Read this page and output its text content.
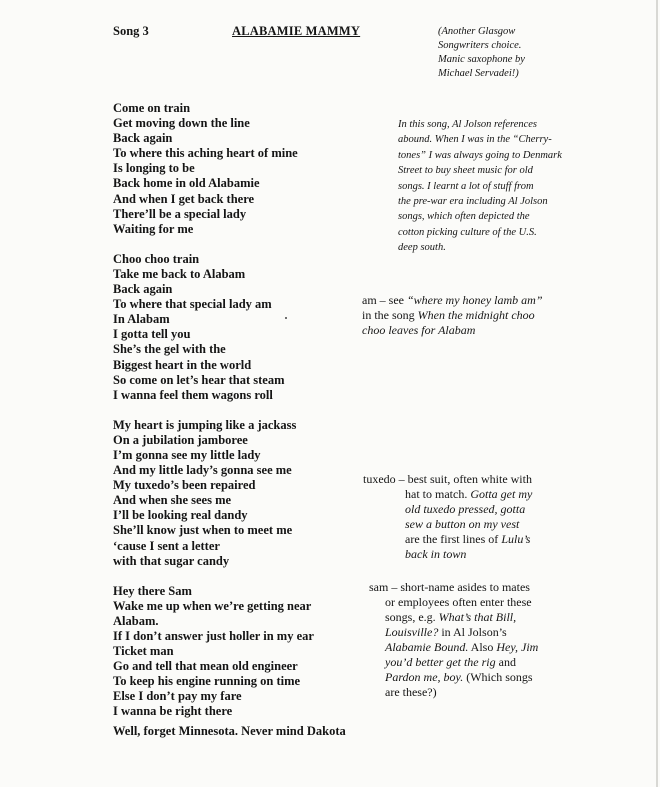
Song 3	ALABAMIE MAMMY	(Another Glasgow
Songwriters choice.
Manic saxophone by
Michael Servadei!)
Come on train
Get moving down the line
Back again
To where this aching heart of mine
Is longing to be
Back home in old Alabamie
And when I get back there
There’ll be a special lady
Waiting for me
Choo choo train
Take me back to Alabam
Back again
To where that special lady am
In Alabam
I gotta tell you
She’s the gel with the
Biggest heart in the world
So come on let’s hear that steam
I wanna feel them wagons roll
My heart is jumping like a jackass
On a jubilation jamboree
I’m gonna see my little lady
And my little lady’s gonna see me
My tuxedo’s been repaired
And when she sees me
I’ll be looking real dandy
She’ll know just when to meet me
‘cause I sent a letter
with that sugar candy
Hey there Sam
Wake me up when we’re getting near
Alabam.
If I don’t answer just holler in my ear
Ticket man
Go and tell that mean old engineer
To keep his engine running on time
Else I don’t pay my fare
I wanna be right there
Well, forget Minnesota. Never mind Dakota
In this song, Al Jolson references
abound. When I was in the “Cherry-
tones” I was always going to Denmark
Street to buy sheet music for old
songs. I learnt a lot of stuff from
the pre-war era including Al Jolson
songs, which often depicted the
cotton picking culture of the U.S.
deep south.
am – see “where my honey lamb am”
in the song When the midnight choo
choo leaves for Alabam
tuxedo – best suit, often white with
hat to match. Gotta get my
old tuxedo pressed, gotta
sew a button on my vest
are the first lines of Lulu’s
back in town
sam – short-name asides to mates
or employees often enter these
songs, e.g. What’s that Bill,
Louisville? in Al Jolson’s
Alabamie Bound. Also Hey, Jim
you’d better get the rig and
Pardon me, boy. (Which songs
are these?)
